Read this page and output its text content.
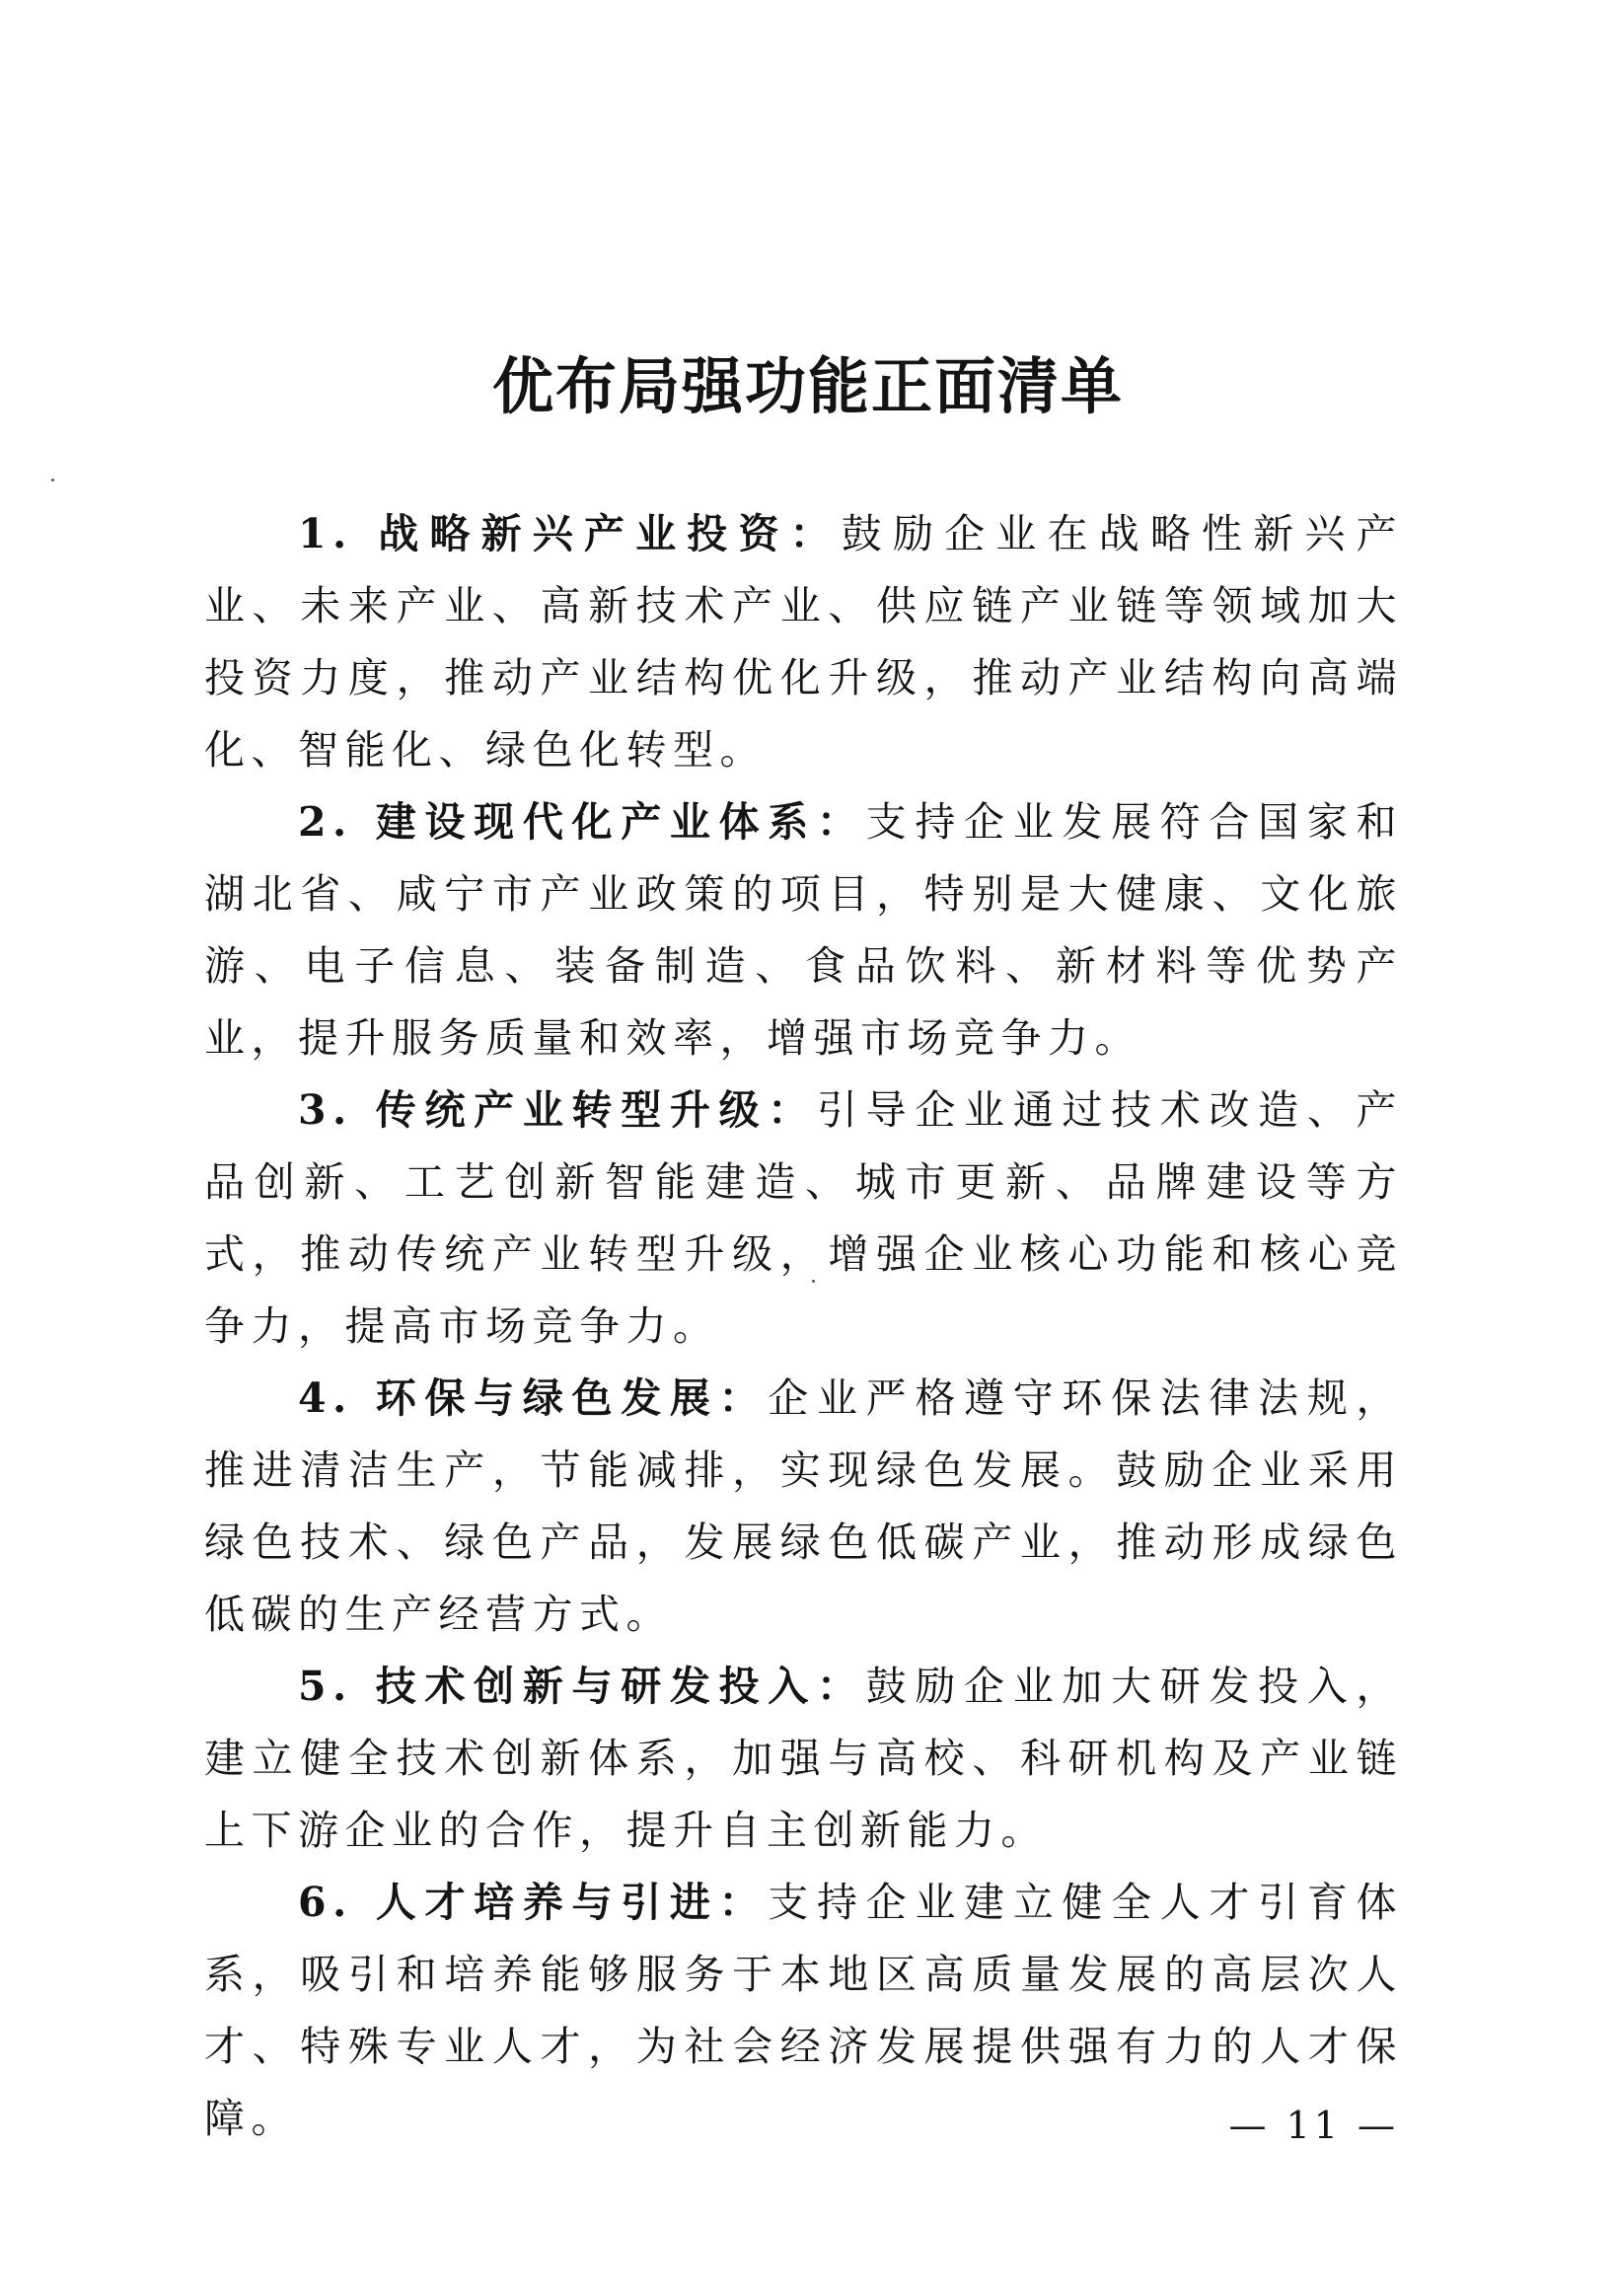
优布局强功能正面清单

1. 战略新兴产业投资：鼓励企业在战略性新兴产业、未来产业、高新技术产业、供应链产业链等领域加大投资力度，推动产业结构优化升级，推动产业结构向高端化、智能化、绿色化转型。

2. 建设现代化产业体系：支持企业发展符合国家和湖北省、咸宁市产业政策的项目，特别是大健康、文化旅游、电子信息、装备制造、食品饮料、新材料等优势产业，提升服务质量和效率，增强市场竞争力。

3. 传统产业转型升级：引导企业通过技术改造、产品创新、工艺创新智能建造、城市更新、品牌建设等方式，推动传统产业转型升级，增强企业核心功能和核心竞争力，提高市场竞争力。

4. 环保与绿色发展：企业严格遵守环保法律法规，推进清洁生产，节能减排，实现绿色发展。鼓励企业采用绿色技术、绿色产品，发展绿色低碳产业，推动形成绿色低碳的生产经营方式。

5. 技术创新与研发投入：鼓励企业加大研发投入，建立健全技术创新体系，加强与高校、科研机构及产业链上下游企业的合作，提升自主创新能力。

6. 人才培养与引进：支持企业建立健全人才引育体系，吸引和培养能够服务于本地区高质量发展的高层次人才、特殊专业人才，为社会经济发展提供强有力的人才保障。	— 11 —
